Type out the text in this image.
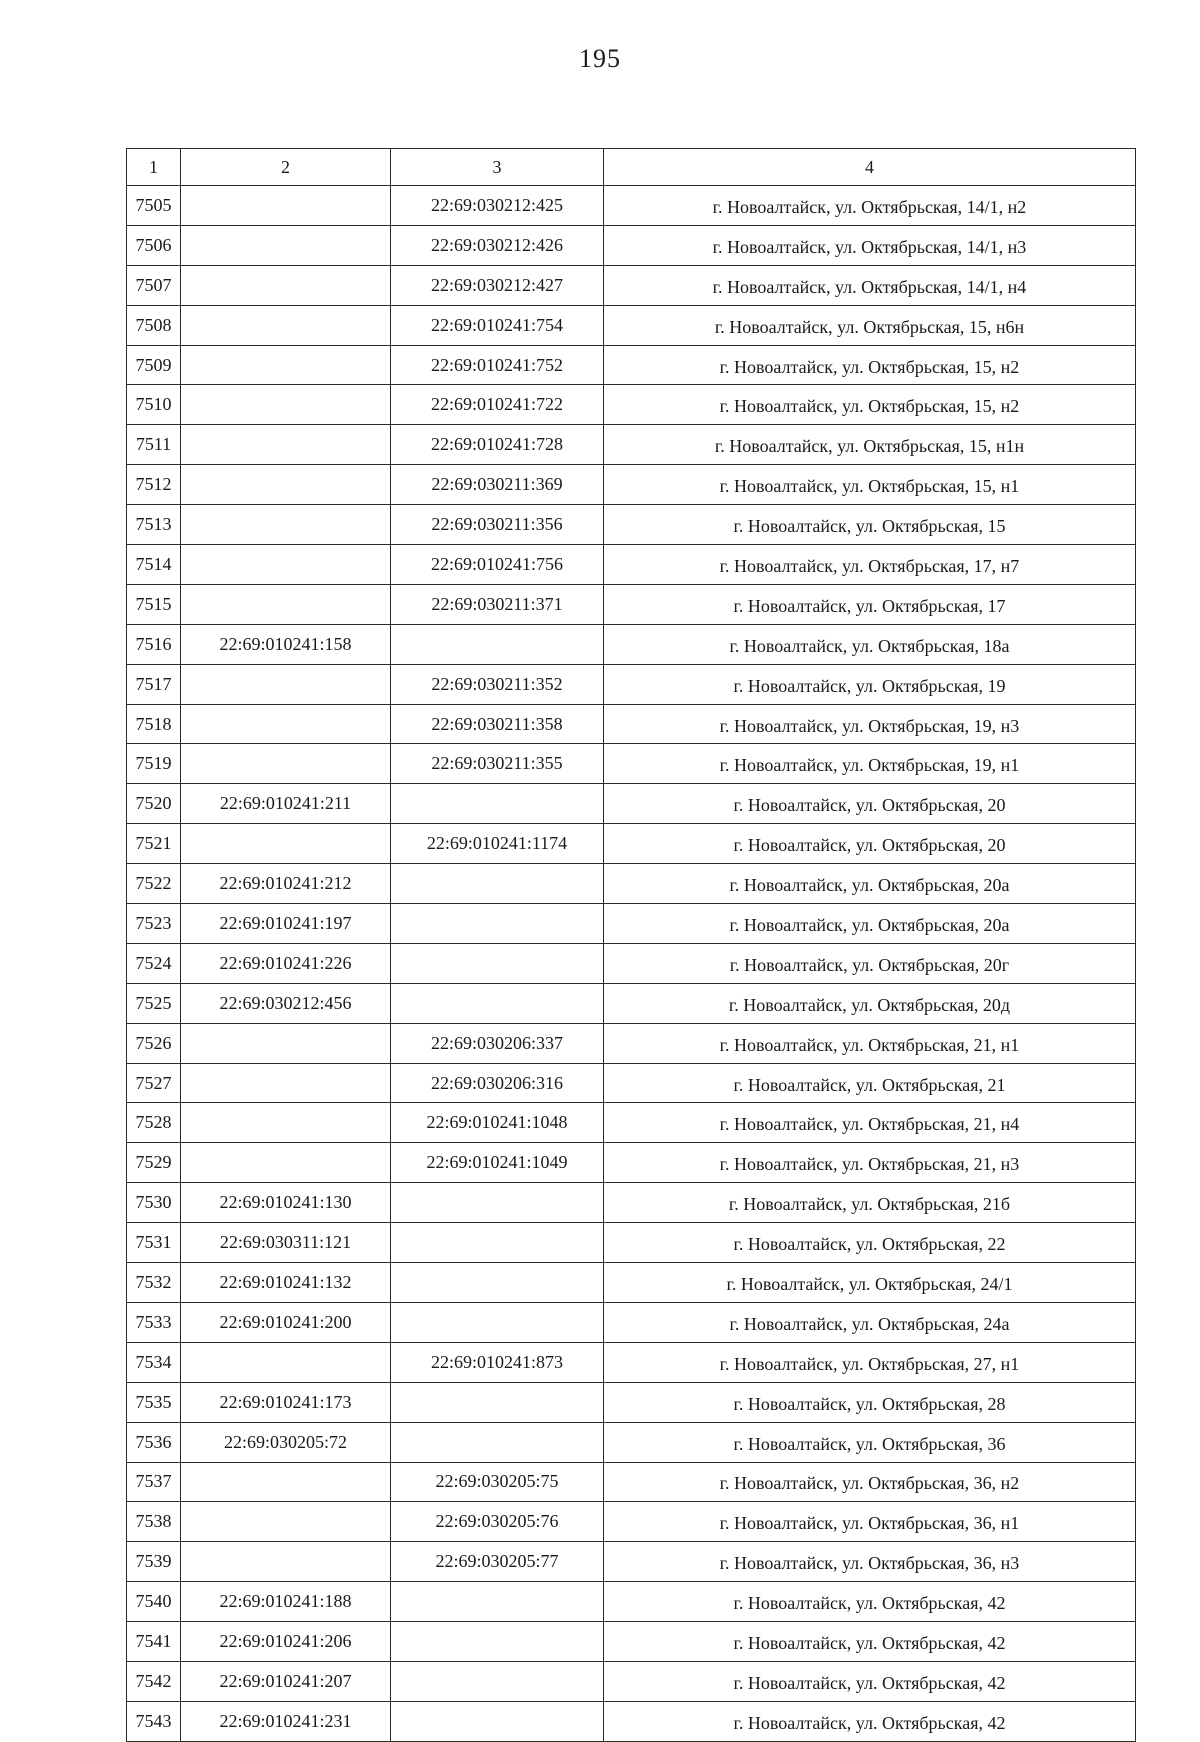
195
1	2	3	4
7505		22:69:030212:425	г. Новоалтайск, ул. Октябрьская, 14/1, н2
7506		22:69:030212:426	г. Новоалтайск, ул. Октябрьская, 14/1, н3
7507		22:69:030212:427	г. Новоалтайск, ул. Октябрьская, 14/1, н4
7508		22:69:010241:754	г. Новоалтайск, ул. Октябрьская, 15, н6н
7509		22:69:010241:752	г. Новоалтайск, ул. Октябрьская, 15, н2
7510		22:69:010241:722	г. Новоалтайск, ул. Октябрьская, 15, н2
7511		22:69:010241:728	г. Новоалтайск, ул. Октябрьская, 15, н1н
7512		22:69:030211:369	г. Новоалтайск, ул. Октябрьская, 15, н1
7513		22:69:030211:356	г. Новоалтайск, ул. Октябрьская, 15
7514		22:69:010241:756	г. Новоалтайск, ул. Октябрьская, 17, н7
7515		22:69:030211:371	г. Новоалтайск, ул. Октябрьская, 17
7516	22:69:010241:158		г. Новоалтайск, ул. Октябрьская, 18а
7517		22:69:030211:352	г. Новоалтайск, ул. Октябрьская, 19
7518		22:69:030211:358	г. Новоалтайск, ул. Октябрьская, 19, н3
7519		22:69:030211:355	г. Новоалтайск, ул. Октябрьская, 19, н1
7520	22:69:010241:211		г. Новоалтайск, ул. Октябрьская, 20
7521		22:69:010241:1174	г. Новоалтайск, ул. Октябрьская, 20
7522	22:69:010241:212		г. Новоалтайск, ул. Октябрьская, 20а
7523	22:69:010241:197		г. Новоалтайск, ул. Октябрьская, 20а
7524	22:69:010241:226		г. Новоалтайск, ул. Октябрьская, 20г
7525	22:69:030212:456		г. Новоалтайск, ул. Октябрьская, 20д
7526		22:69:030206:337	г. Новоалтайск, ул. Октябрьская, 21, н1
7527		22:69:030206:316	г. Новоалтайск, ул. Октябрьская, 21
7528		22:69:010241:1048	г. Новоалтайск, ул. Октябрьская, 21, н4
7529		22:69:010241:1049	г. Новоалтайск, ул. Октябрьская, 21, н3
7530	22:69:010241:130		г. Новоалтайск, ул. Октябрьская, 21б
7531	22:69:030311:121		г. Новоалтайск, ул. Октябрьская, 22
7532	22:69:010241:132		г. Новоалтайск, ул. Октябрьская, 24/1
7533	22:69:010241:200		г. Новоалтайск, ул. Октябрьская, 24а
7534		22:69:010241:873	г. Новоалтайск, ул. Октябрьская, 27, н1
7535	22:69:010241:173		г. Новоалтайск, ул. Октябрьская, 28
7536	22:69:030205:72		г. Новоалтайск, ул. Октябрьская, 36
7537		22:69:030205:75	г. Новоалтайск, ул. Октябрьская, 36, н2
7538		22:69:030205:76	г. Новоалтайск, ул. Октябрьская, 36, н1
7539		22:69:030205:77	г. Новоалтайск, ул. Октябрьская, 36, н3
7540	22:69:010241:188		г. Новоалтайск, ул. Октябрьская, 42
7541	22:69:010241:206		г. Новоалтайск, ул. Октябрьская, 42
7542	22:69:010241:207		г. Новоалтайск, ул. Октябрьская, 42
7543	22:69:010241:231		г. Новоалтайск, ул. Октябрьская, 42
